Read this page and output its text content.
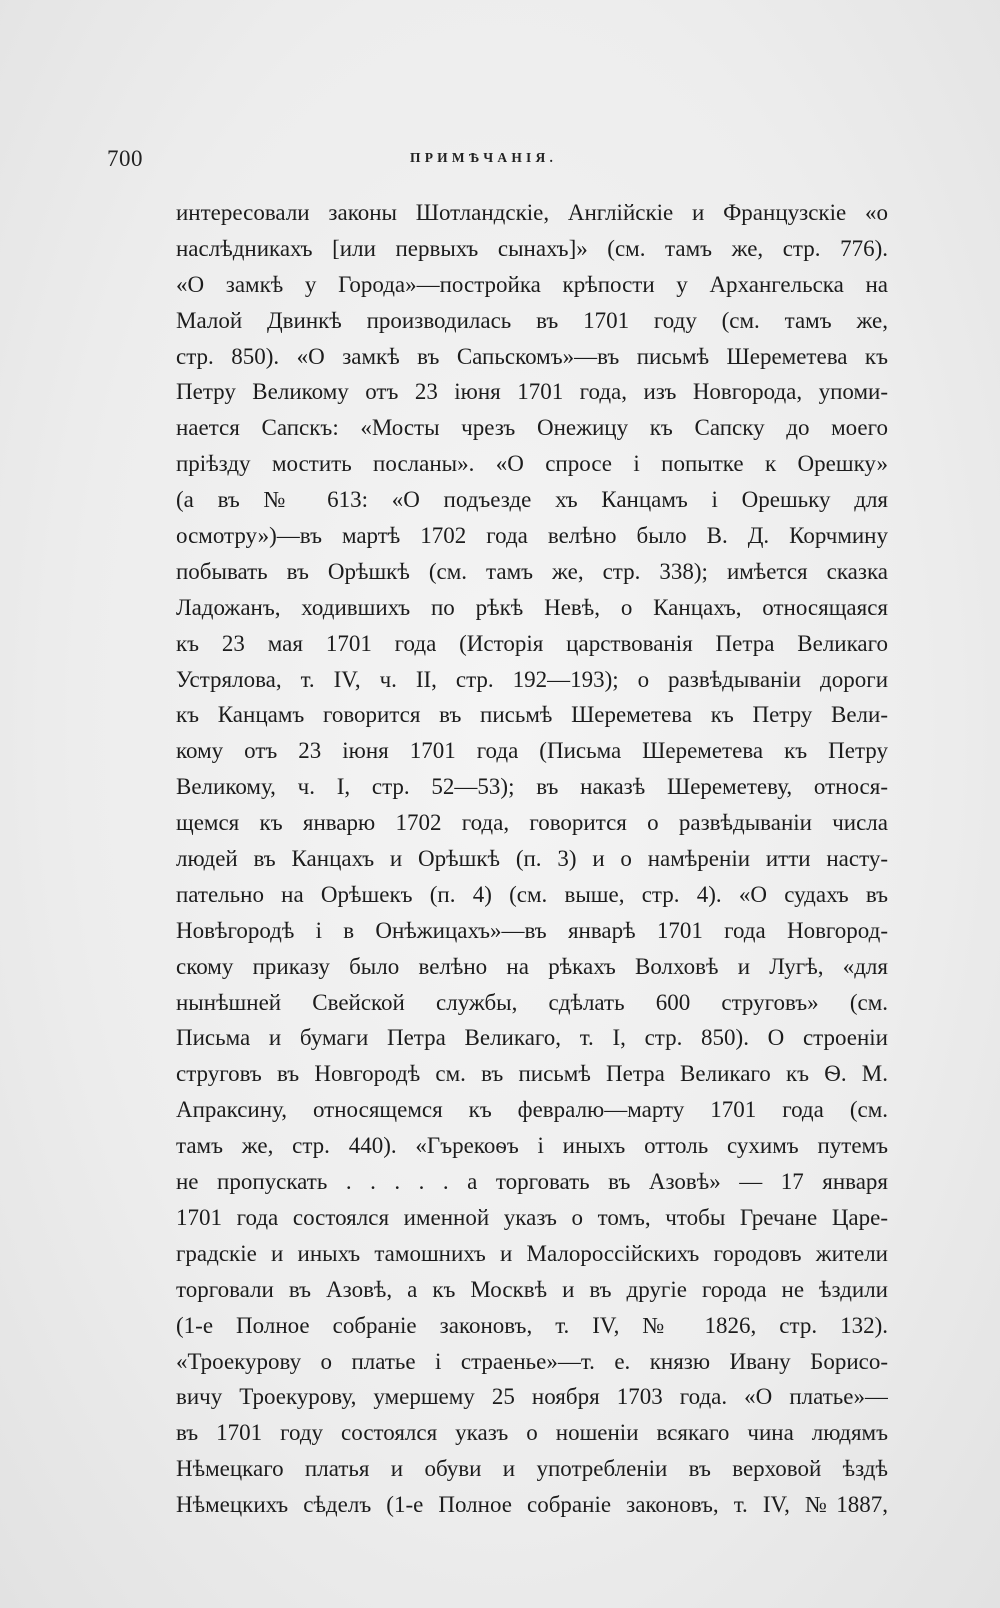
700	ПРИМѢЧАНІЯ.
интересовали законы Шотландскіе, Англійскіе и Французскіе «о
наслѣдникахъ [или первыхъ сынахъ]» (см. тамъ же, стр. 776).
«О замкѣ у Города»—постройка крѣпости у Архангельска на
Малой Двинкѣ производилась въ 1701 году (см. тамъ же,
стр. 850). «О замкѣ въ Сапьскомъ»—въ письмѣ Шереметева къ
Петру Великому отъ 23 іюня 1701 года, изъ Новгорода, упоми-
нается Сапскъ: «Мосты чрезъ Онежицу къ Сапску до моего
пріѣзду мостить посланы». «О спросе і попытке к Орешку»
(а въ № 613: «О подъезде хъ Канцамъ і Орешьку для
осмотру»)—въ мартѣ 1702 года велѣно было В. Д. Корчмину
побывать въ Орѣшкѣ (см. тамъ же, стр. 338); имѣется сказка
Ладожанъ, ходившихъ по рѣкѣ Невѣ, о Канцахъ, относящаяся
къ 23 мая 1701 года (Исторія царствованія Петра Великаго
Устрялова, т. IV, ч. II, стр. 192—193); о развѣдываніи дороги
къ Канцамъ говорится въ письмѣ Шереметева къ Петру Вели-
кому отъ 23 іюня 1701 года (Письма Шереметева къ Петру
Великому, ч. I, стр. 52—53); въ наказѣ Шереметеву, относя-
щемся къ январю 1702 года, говорится о развѣдываніи числа
людей въ Канцахъ и Орѣшкѣ (п. 3) и о намѣреніи итти насту-
пательно на Орѣшекъ (п. 4) (см. выше, стр. 4). «О судахъ въ
Новѣгородѣ і в Онѣжицахъ»—въ январѣ 1701 года Новгород-
скому приказу было велѣно на рѣкахъ Волховѣ и Лугѣ, «для
нынѣшней Свейской службы, сдѣлать 600 струговъ» (см.
Письма и бумаги Петра Великаго, т. I, стр. 850). О строеніи
струговъ въ Новгородѣ см. въ письмѣ Петра Великаго къ Ѳ. М.
Апраксину, относящемся къ февралю—марту 1701 года (см.
тамъ же, стр. 440). «Гърекоѳъ і иныхъ оттоль сухимъ путемъ
не пропускать . . . . . а торговать въ Азовѣ» — 17 января
1701 года состоялся именной указъ о томъ, чтобы Гречане Царе-
градскіе и иныхъ тамошнихъ и Малороссійскихъ городовъ жители
торговали въ Азовѣ, а къ Москвѣ и въ другіе города не ѣздили
(1-е Полное собраніе законовъ, т. IV, № 1826, стр. 132).
«Троекурову о платье і страенье»—т. е. князю Ивану Борисо-
вичу Троекурову, умершему 25 ноября 1703 года. «О платье»—
въ 1701 году состоялся указъ о ношеніи всякаго чина людямъ
Нѣмецкаго платья и обуви и употребленіи въ верховой ѣздѣ
Нѣмецкихъ сѣделъ (1-е Полное собраніе законовъ, т. IV, №1887,
